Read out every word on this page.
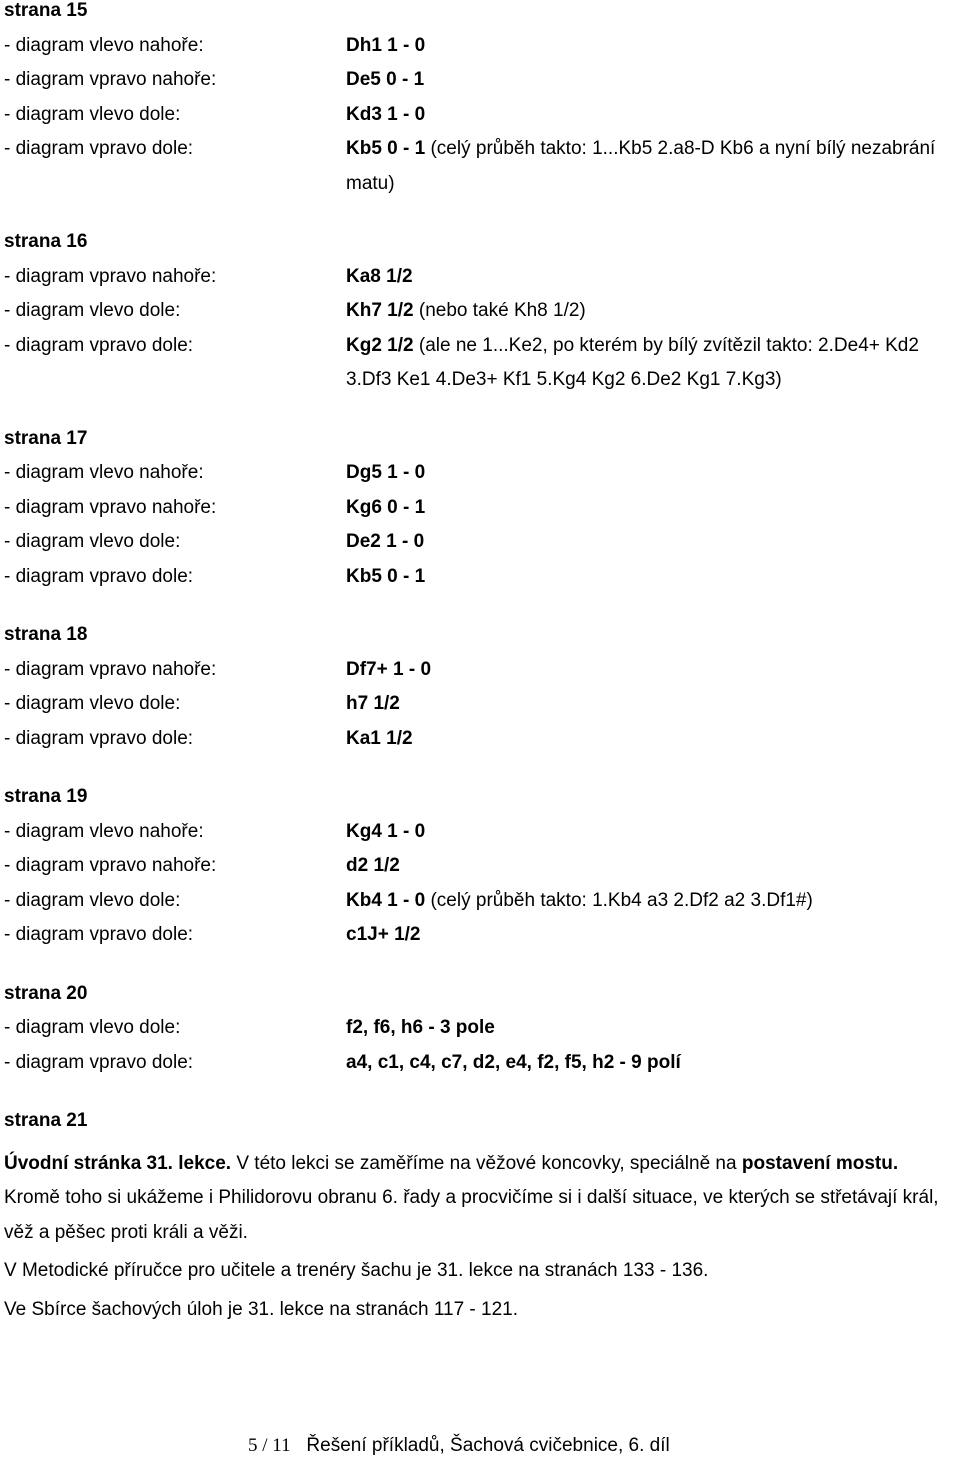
strana 15
- diagram vlevo nahoře:	Dh1 1 - 0
- diagram vpravo nahoře:	De5 0 - 1
- diagram vlevo dole:	Kd3 1 - 0
- diagram vpravo dole:	Kb5 0 - 1 (celý průběh takto: 1...Kb5 2.a8-D Kb6 a nyní bílý nezabrání matu)
strana 16
- diagram vpravo nahoře:	Ka8 1/2
- diagram vlevo dole:	Kh7 1/2 (nebo také Kh8 1/2)
- diagram vpravo dole:	Kg2 1/2 (ale ne 1...Ke2, po kterém by bílý zvítězil takto: 2.De4+ Kd2 3.Df3 Ke1 4.De3+ Kf1 5.Kg4 Kg2 6.De2 Kg1 7.Kg3)
strana 17
- diagram vlevo nahoře:	Dg5 1 - 0
- diagram vpravo nahoře:	Kg6 0 - 1
- diagram vlevo dole:	De2 1 - 0
- diagram vpravo dole:	Kb5 0 - 1
strana 18
- diagram vpravo nahoře:	Df7+ 1 - 0
- diagram vlevo dole:	h7 1/2
- diagram vpravo dole:	Ka1 1/2
strana 19
- diagram vlevo nahoře:	Kg4 1 - 0
- diagram vpravo nahoře:	d2 1/2
- diagram vlevo dole:	Kb4 1 - 0 (celý průběh takto: 1.Kb4 a3 2.Df2 a2 3.Df1#)
- diagram vpravo dole:	c1J+ 1/2
strana 20
- diagram vlevo dole:	f2, f6, h6 - 3 pole
- diagram vpravo dole:	a4, c1, c4, c7, d2, e4, f2, f5, h2 - 9 polí
strana 21

Úvodní stránka 31. lekce. V této lekci se zaměříme na věžové koncovky, speciálně na postavení mostu. Kromě toho si ukážeme i Philidorovu obranu 6. řady a procvičíme si i další situace, ve kterých se střetávají král, věž a pěšec proti králi a věži.

V Metodické příručce pro učitele a trenéry šachu je 31. lekce na stranách 133 - 136.

Ve Sbírce šachových úloh je 31. lekce na stranách 117 - 121.

5 / 11 Řešení příkladů, Šachová cvičebnice, 6. díl
